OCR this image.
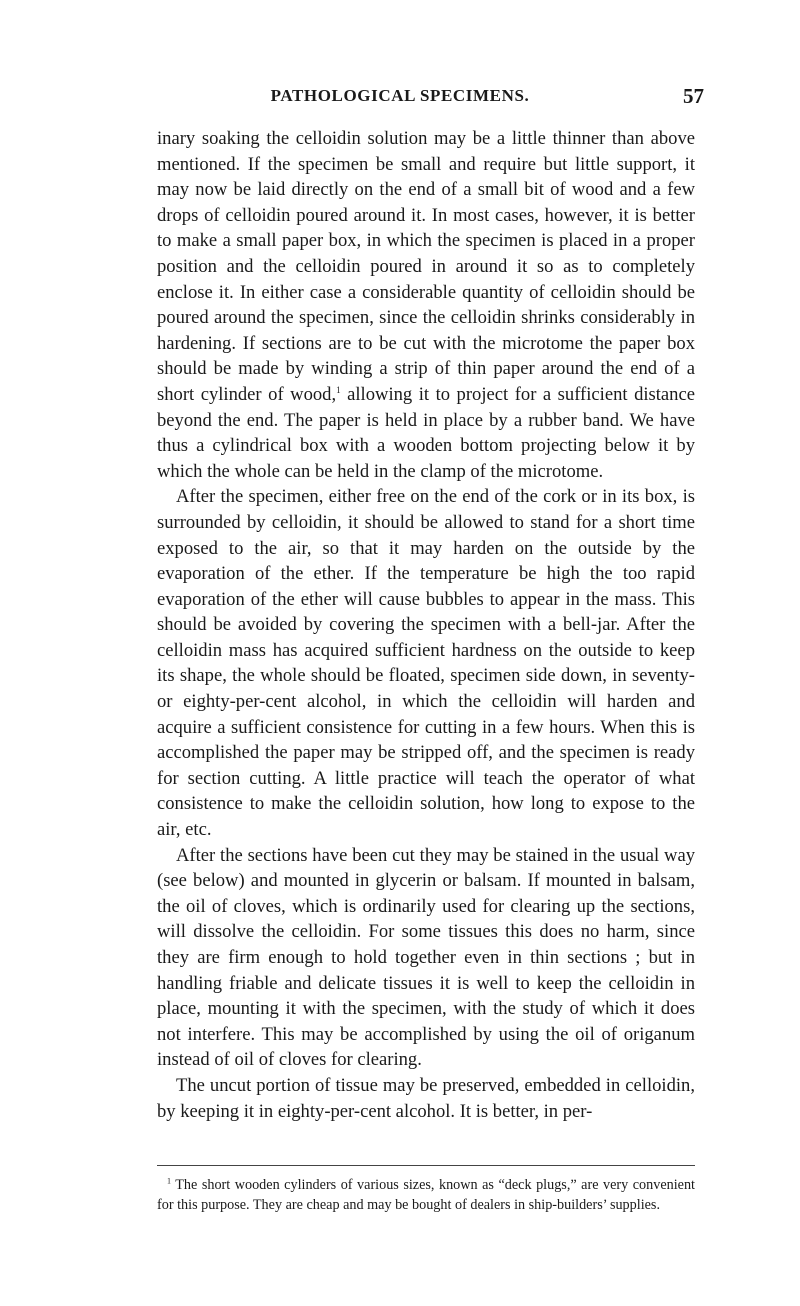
PATHOLOGICAL SPECIMENS.	57

inary soaking the celloidin solution may be a little thinner than above mentioned. If the specimen be small and require but little support, it may now be laid directly on the end of a small bit of wood and a few drops of celloidin poured around it. In most cases, however, it is better to make a small paper box, in which the specimen is placed in a proper position and the celloidin poured in around it so as to completely enclose it. In either case a considerable quantity of celloidin should be poured around the specimen, since the celloidin shrinks considerably in hardening. If sections are to be cut with the microtome the paper box should be made by winding a strip of thin paper around the end of a short cylinder of wood,$^1$ allowing it to project for a sufficient distance beyond the end. The paper is held in place by a rubber band. We have thus a cylindrical box with a wooden bottom projecting below it by which the whole can be held in the clamp of the microtome.

After the specimen, either free on the end of the cork or in its box, is surrounded by celloidin, it should be allowed to stand for a short time exposed to the air, so that it may harden on the outside by the evaporation of the ether. If the temperature be high the too rapid evaporation of the ether will cause bubbles to appear in the mass. This should be avoided by covering the specimen with a bell-jar. After the celloidin mass has acquired sufficient hardness on the outside to keep its shape, the whole should be floated, specimen side down, in seventy- or eighty-per-cent alcohol, in which the celloidin will harden and acquire a sufficient consistence for cutting in a few hours. When this is accomplished the paper may be stripped off, and the specimen is ready for section cutting. A little practice will teach the operator of what consistence to make the celloidin solution, how long to expose to the air, etc.

After the sections have been cut they may be stained in the usual way (see below) and mounted in glycerin or balsam. If mounted in balsam, the oil of cloves, which is ordinarily used for clearing up the sections, will dissolve the celloidin. For some tissues this does no harm, since they are firm enough to hold together even in thin sections ; but in handling friable and delicate tissues it is well to keep the celloidin in place, mounting it with the specimen, with the study of which it does not interfere. This may be accomplished by using the oil of origanum instead of oil of cloves for clearing.

The uncut portion of tissue may be preserved, embedded in celloidin, by keeping it in eighty-per-cent alcohol. It is better, in per-

$^1$ The short wooden cylinders of various sizes, known as “deck plugs,” are very convenient for this purpose. They are cheap and may be bought of dealers in ship-builders’ supplies.
